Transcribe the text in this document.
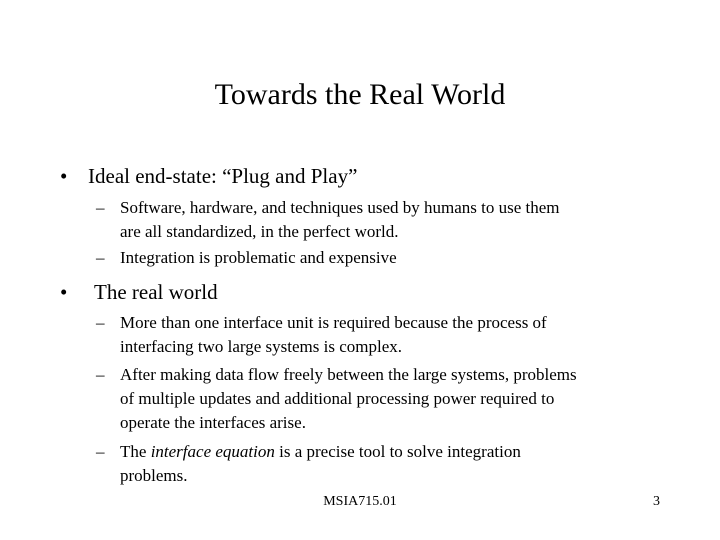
Towards the Real World
• Ideal end-state: “Plug and Play”
– Software, hardware, and techniques used by humans to use them
are all standardized, in the perfect world.
– Integration is problematic and expensive
• The real world
– More than one interface unit is required because the process of
interfacing two large systems is complex.
– After making data flow freely between the large systems, problems
of multiple updates and additional processing power required to
operate the interfaces arise.
– The interface equation is a precise tool to solve integration
problems.
MSIA715.01	3
